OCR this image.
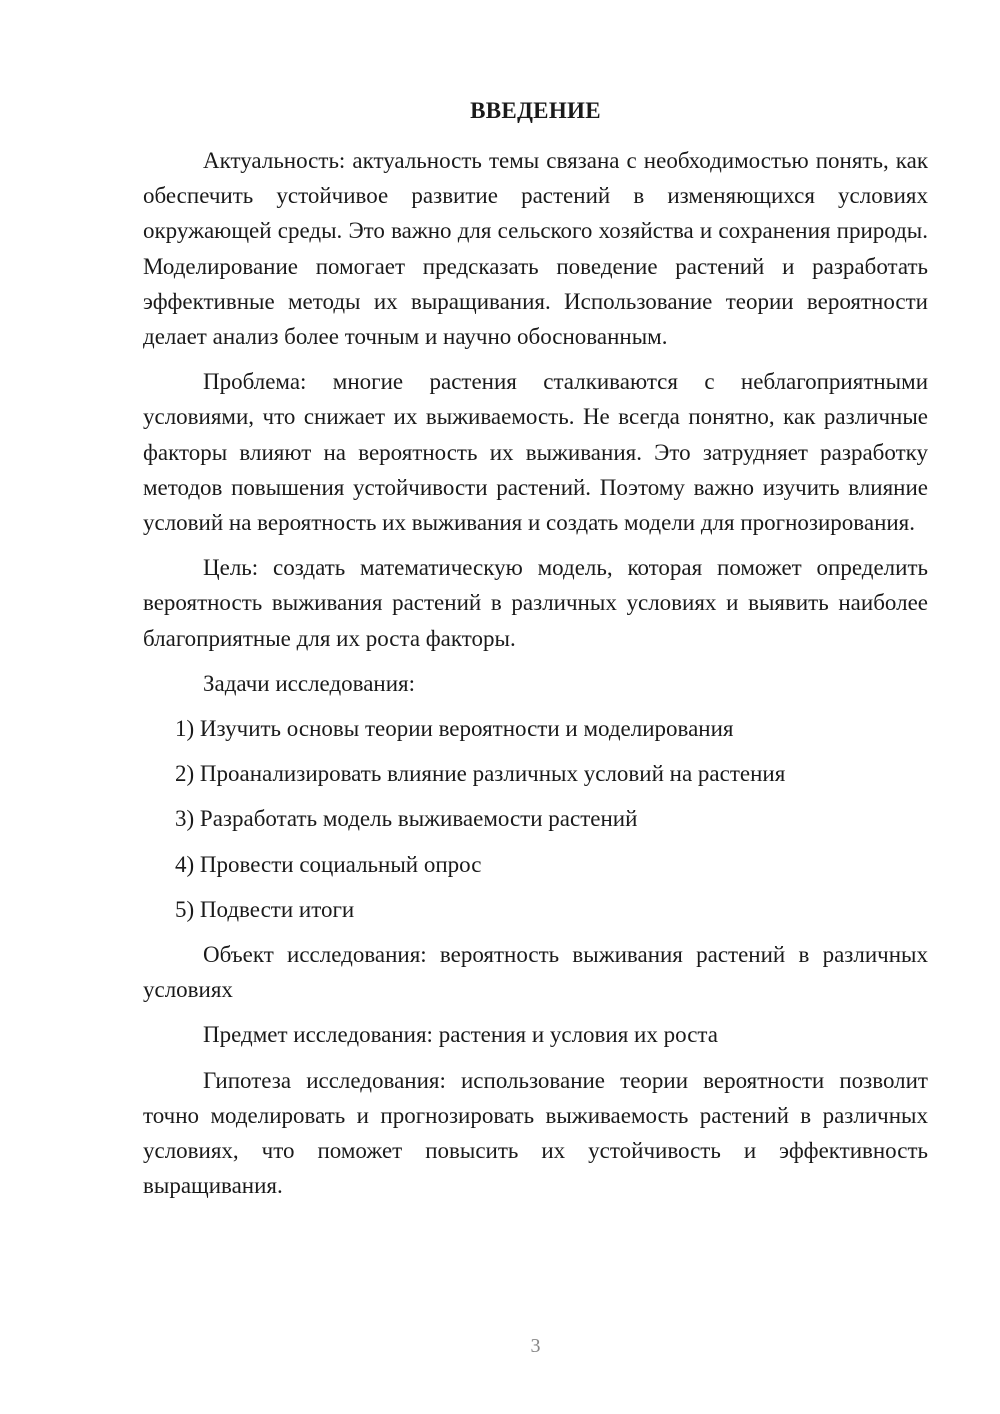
ВВЕДЕНИЕ

Актуальность: актуальность темы связана с необходимостью понять, как обеспечить устойчивое развитие растений в изменяющихся условиях окружающей среды. Это важно для сельского хозяйства и сохранения природы. Моделирование помогает предсказать поведение растений и разработать эффективные методы их выращивания. Использование теории вероятности делает анализ более точным и научно обоснованным.

Проблема: многие растения сталкиваются с неблагоприятными условиями, что снижает их выживаемость. Не всегда понятно, как различные факторы влияют на вероятность их выживания. Это затрудняет разработку методов повышения устойчивости растений. Поэтому важно изучить влияние условий на вероятность их выживания и создать модели для прогнозирования.

Цель: создать математическую модель, которая поможет определить вероятность выживания растений в различных условиях и выявить наиболее благоприятные для их роста факторы.

Задачи исследования:

1) Изучить основы теории вероятности и моделирования

2) Проанализировать влияние различных условий на растения

3) Разработать модель выживаемости растений

4) Провести социальный опрос

5) Подвести итоги

Объект исследования: вероятность выживания растений в различных условиях

Предмет исследования: растения и условия их роста

Гипотеза исследования: использование теории вероятности позволит точно моделировать и прогнозировать выживаемость растений в различных условиях, что поможет повысить их устойчивость и эффективность выращивания.

3
